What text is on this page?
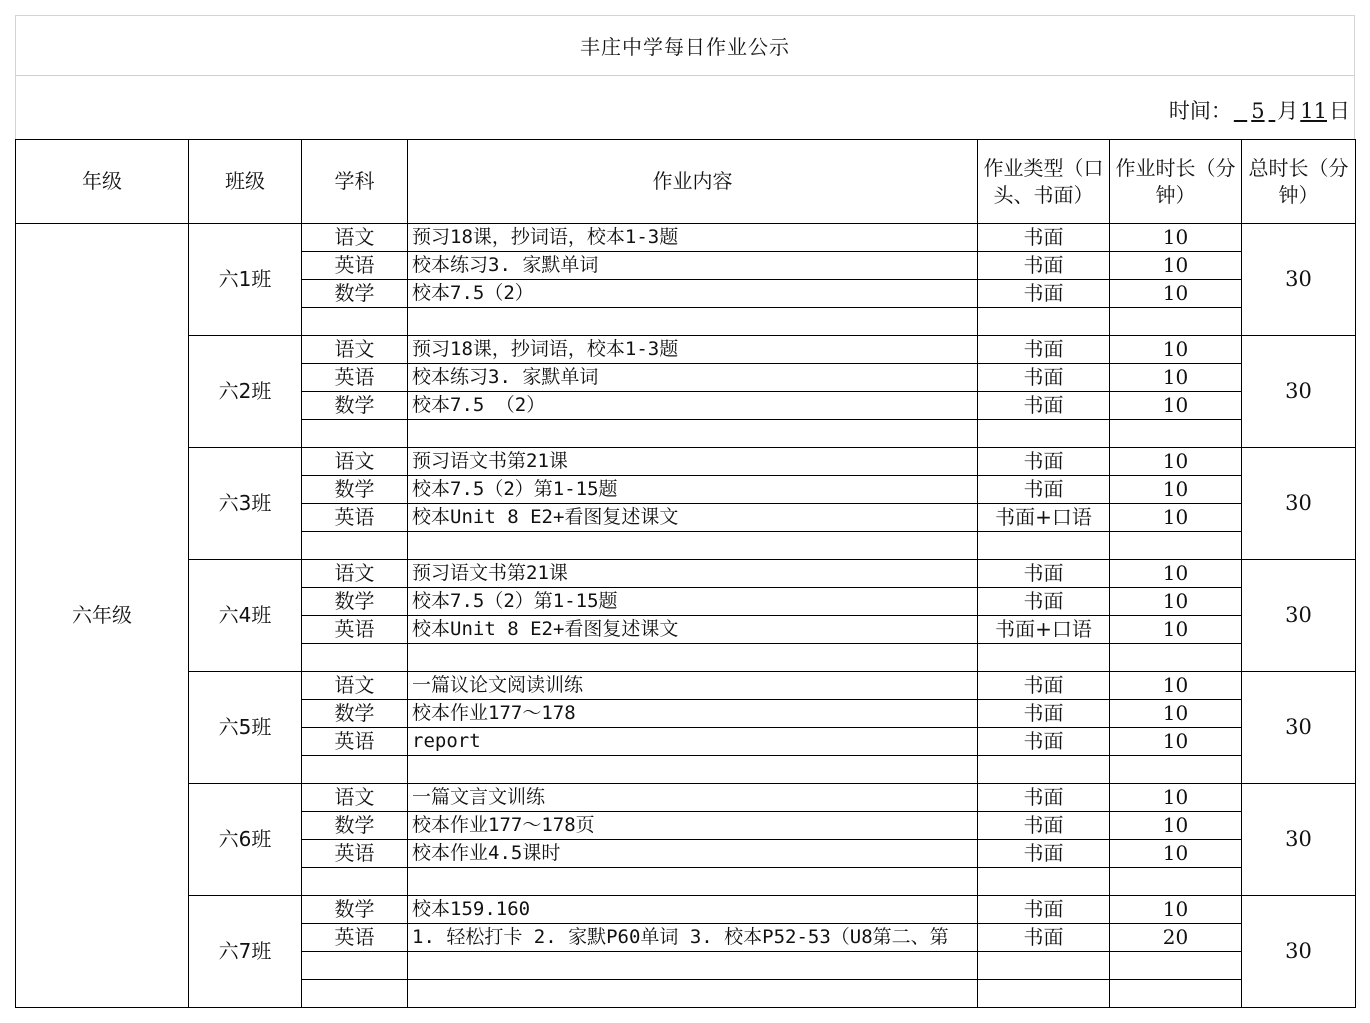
丰庄中学每日作业公示
时间： 5 月11日
年级	班级	学科	作业内容	作业类型（口头、书面）	作业时长（分钟）	总时长（分钟）
六年级	六1班	语文	预习18课，抄词语，校本1-3题	书面	10	30
		英语	校本练习3. 家默单词	书面	10	
		数学	校本7.5（2）	书面	10	

	六2班	语文	预习18课，抄词语，校本1-3题	书面	10	30
		英语	校本练习3. 家默单词	书面	10	
		数学	校本7.5 （2）	书面	10	

	六3班	语文	预习语文书第21课	书面	10	30
		数学	校本7.5（2）第1-15题	书面	10	
		英语	校本Unit 8 E2+看图复述课文	书面+口语	10	

	六4班	语文	预习语文书第21课	书面	10	30
		数学	校本7.5（2）第1-15题	书面	10	
		英语	校本Unit 8 E2+看图复述课文	书面+口语	10	

	六5班	语文	一篇议论文阅读训练	书面	10	30
		数学	校本作业177～178	书面	10	
		英语	report	书面	10	

	六6班	语文	一篇文言文训练	书面	10	30
		数学	校本作业177～178页	书面	10	
		英语	校本作业4.5课时	书面	10	

	六7班	数学	校本159.160	书面	10	30
		英语	1. 轻松打卡 2. 家默P60单词 3. 校本P52-53（U8第二、第	书面	20	
